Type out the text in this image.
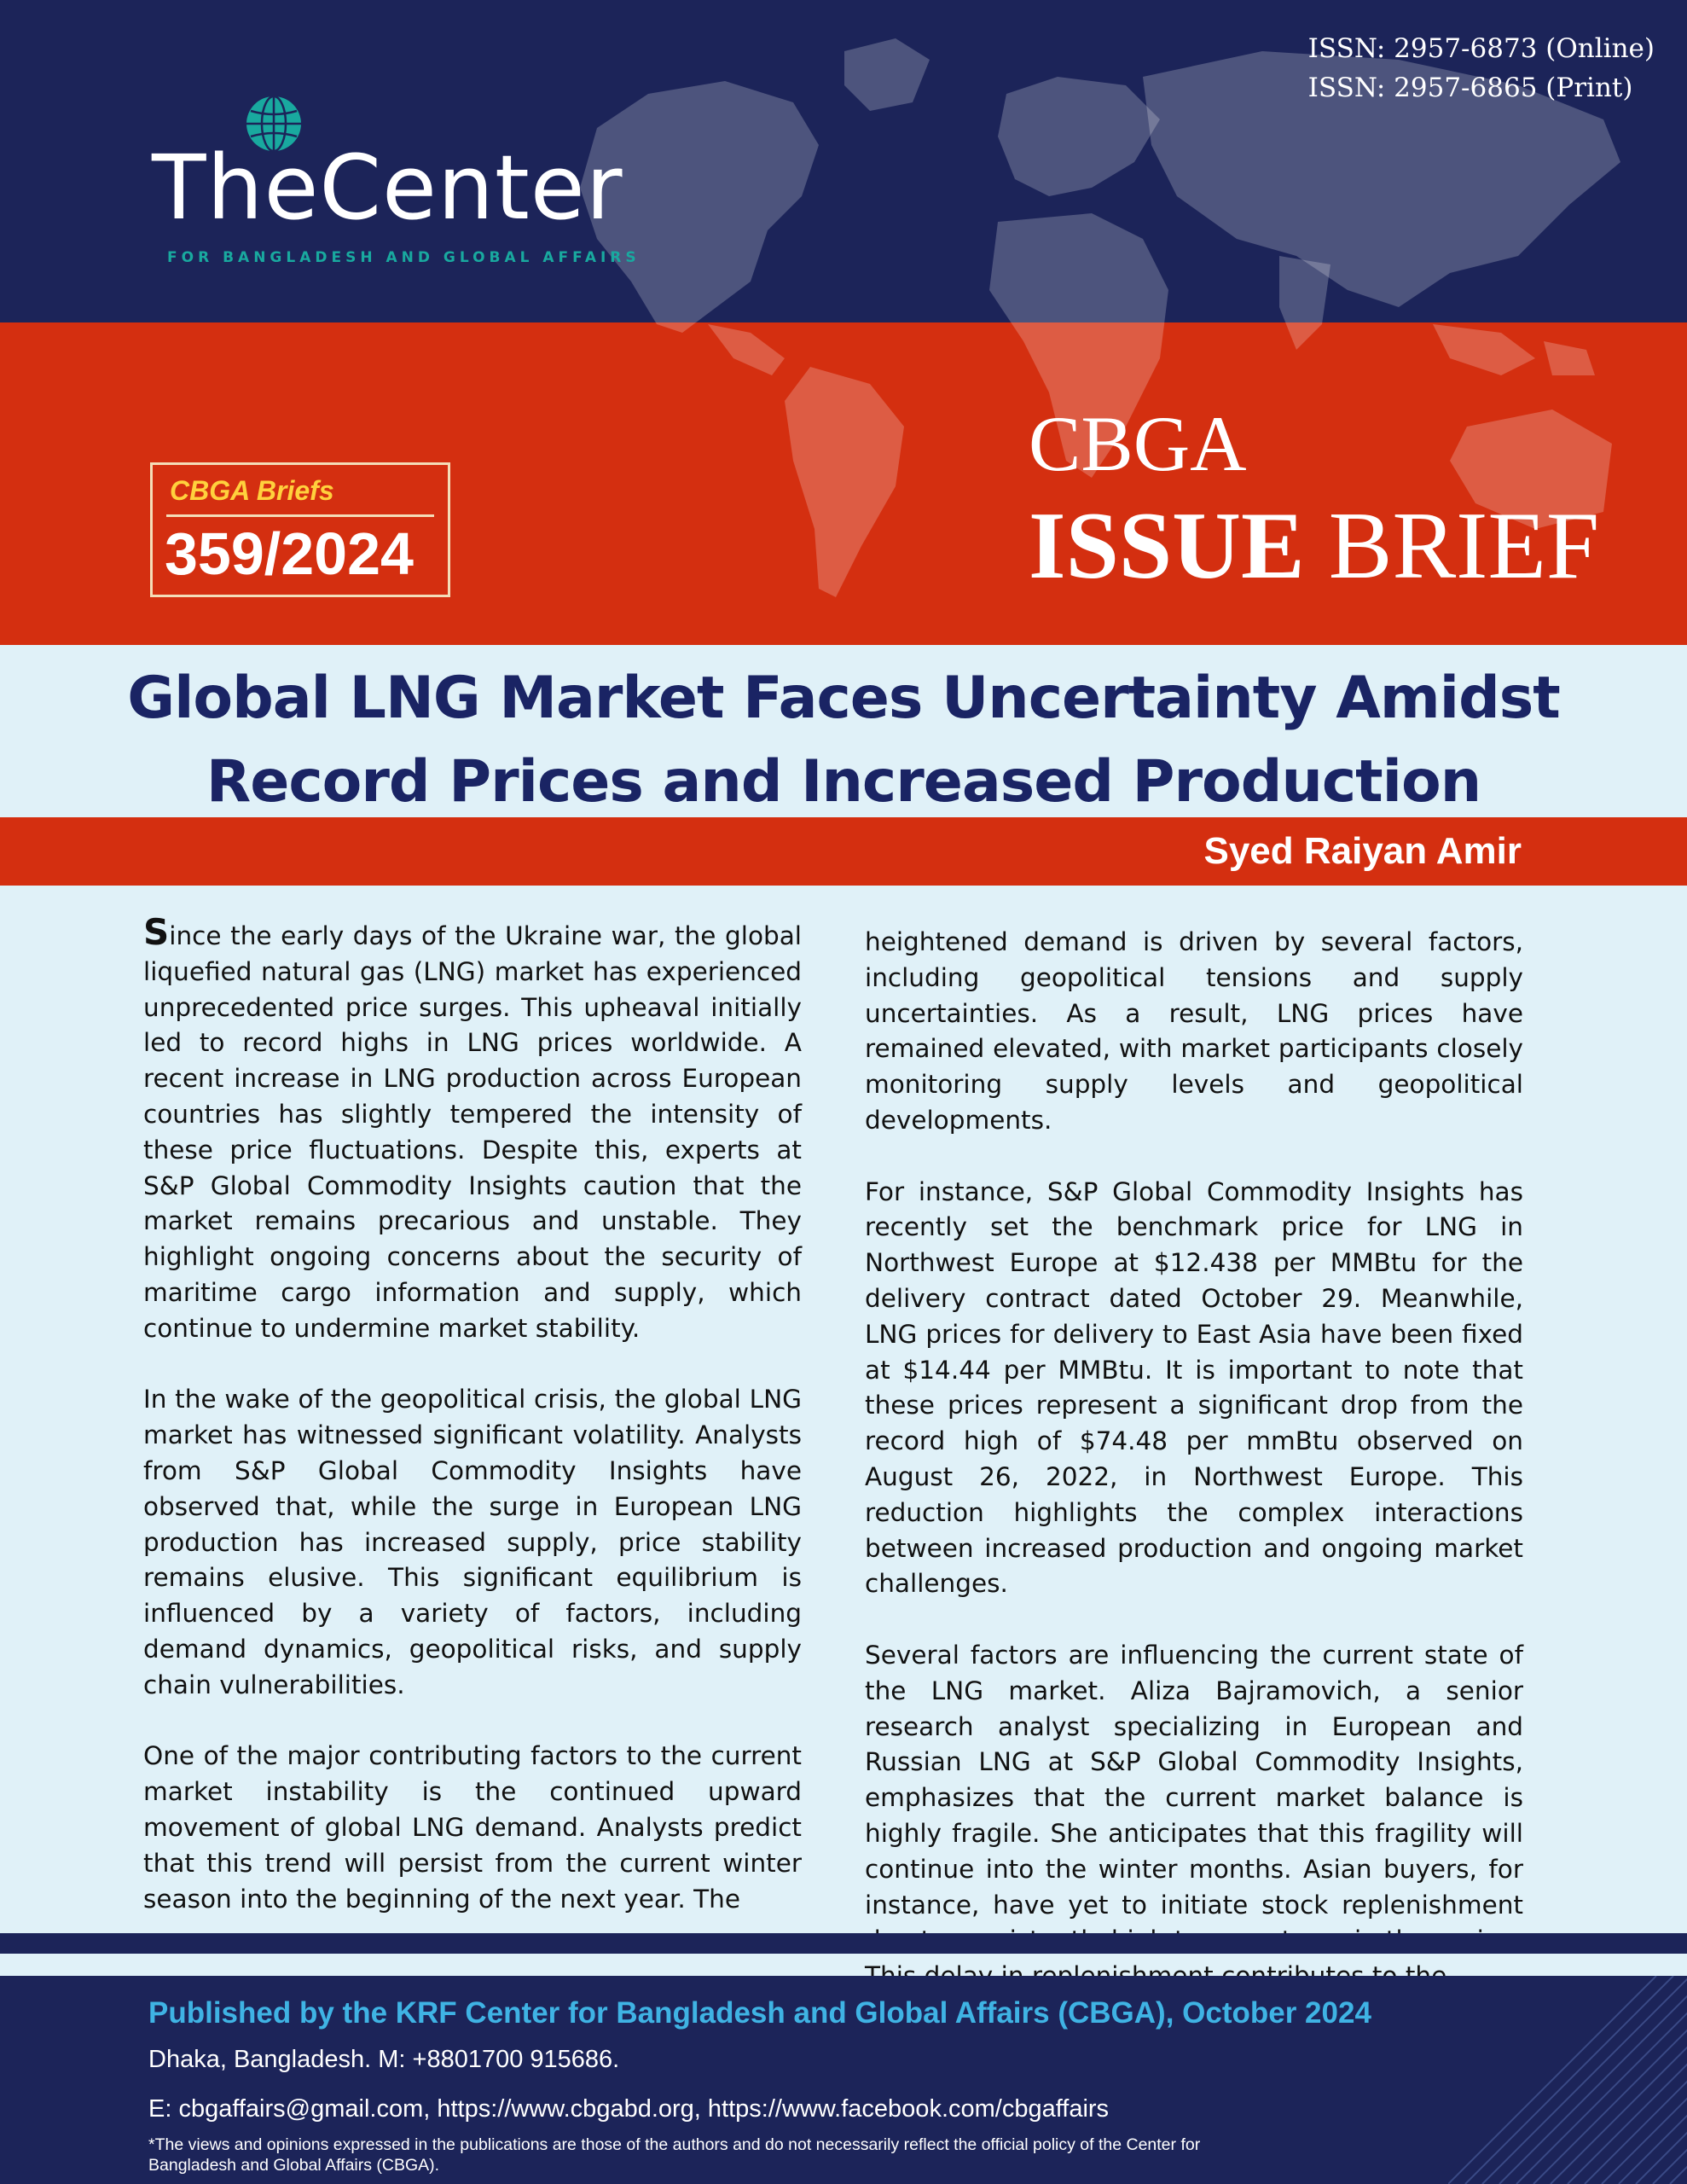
ISSN: 2957-6873 (Online)
ISSN: 2957-6865 (Print)
TheCenter
FOR BANGLADESH AND GLOBAL AFFAIRS
CBGA Briefs
359/2024
CBGA
ISSUE BRIEF
Global LNG Market Faces Uncertainty Amidst
Record Prices and Increased Production
Syed Raiyan Amir

Since the early days of the Ukraine war, the global liquefied natural gas (LNG) market has experienced unprecedented price surges. This upheaval initially led to record highs in LNG prices worldwide. A recent increase in LNG production across European countries has slightly tempered the intensity of these price fluctuations. Despite this, experts at S&P Global Commodity Insights caution that the market remains precarious and unstable. They highlight ongoing concerns about the security of maritime cargo information and supply, which continue to undermine market stability.

In the wake of the geopolitical crisis, the global LNG market has witnessed significant volatility. Analysts from S&P Global Commodity Insights have observed that, while the surge in European LNG production has increased supply, price stability remains elusive. This significant equilibrium is influenced by a variety of factors, including demand dynamics, geopolitical risks, and supply chain vulnerabilities.

One of the major contributing factors to the current market instability is the continued upward movement of global LNG demand. Analysts predict that this trend will persist from the current winter season into the beginning of the next year. The

heightened demand is driven by several factors, including geopolitical tensions and supply uncertainties. As a result, LNG prices have remained elevated, with market participants closely monitoring supply levels and geopolitical developments.

For instance, S&P Global Commodity Insights has recently set the benchmark price for LNG in Northwest Europe at $12.438 per MMBtu for the delivery contract dated October 29. Meanwhile, LNG prices for delivery to East Asia have been fixed at $14.44 per MMBtu. It is important to note that these prices represent a significant drop from the record high of $74.48 per mmBtu observed on August 26, 2022, in Northwest Europe. This reduction highlights the complex interactions between increased production and ongoing market challenges.

Several factors are influencing the current state of the LNG market. Aliza Bajramovich, a senior research analyst specializing in European and Russian LNG at S&P Global Commodity Insights, emphasizes that the current market balance is highly fragile. She anticipates that this fragility will continue into the winter months. Asian buyers, for instance, have yet to initiate stock replenishment

Published by the KRF Center for Bangladesh and Global Affairs (CBGA), October 2024
Dhaka, Bangladesh. M: +8801700 915686.
E: cbgaffairs@gmail.com, https://www.cbgabd.org, https://www.facebook.com/cbgaffairs
*The views and opinions expressed in the publications are those of the authors and do not necessarily reflect the official policy of the Center for Bangladesh and Global Affairs (CBGA).
